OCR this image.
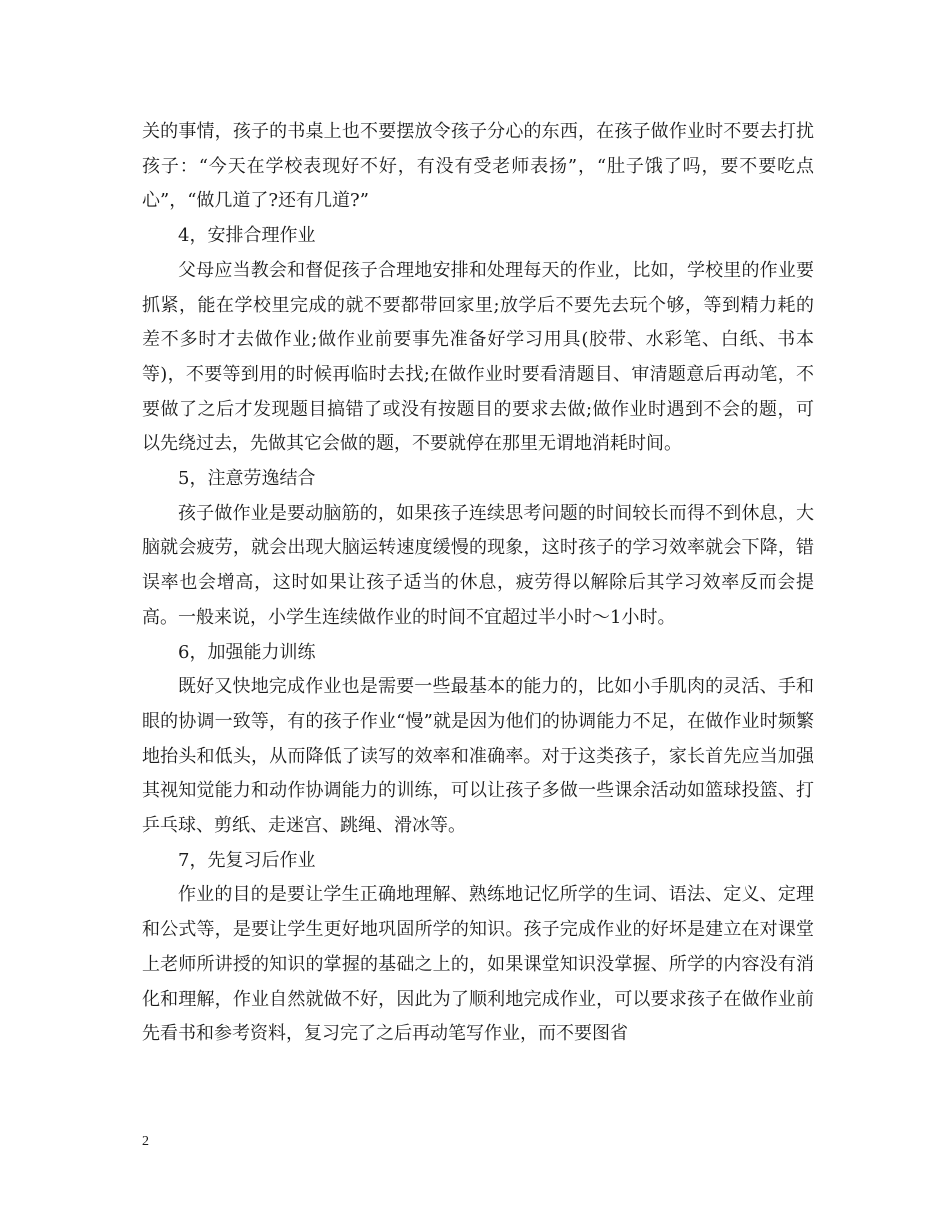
关的事情，孩子的书桌上也不要摆放令孩子分心的东西，在孩子做作业时不要去打扰孩子：“今天在学校表现好不好，有没有受老师表扬”，“肚子饿了吗，要不要吃点心”，“做几道了?还有几道?”

4，安排合理作业

父母应当教会和督促孩子合理地安排和处理每天的作业，比如，学校里的作业要抓紧，能在学校里完成的就不要都带回家里;放学后不要先去玩个够，等到精力耗的差不多时才去做作业;做作业前要事先准备好学习用具(胶带、水彩笔、白纸、书本等)，不要等到用的时候再临时去找;在做作业时要看清题目、审清题意后再动笔，不要做了之后才发现题目搞错了或没有按题目的要求去做;做作业时遇到不会的题，可以先绕过去，先做其它会做的题，不要就停在那里无谓地消耗时间。

5，注意劳逸结合

孩子做作业是要动脑筋的，如果孩子连续思考问题的时间较长而得不到休息，大脑就会疲劳，就会出现大脑运转速度缓慢的现象，这时孩子的学习效率就会下降，错误率也会增高，这时如果让孩子适当的休息，疲劳得以解除后其学习效率反而会提高。一般来说，小学生连续做作业的时间不宜超过半小时～1小时。

6，加强能力训练

既好又快地完成作业也是需要一些最基本的能力的，比如小手肌肉的灵活、手和眼的协调一致等，有的孩子作业“慢”就是因为他们的协调能力不足，在做作业时频繁地抬头和低头，从而降低了读写的效率和准确率。对于这类孩子，家长首先应当加强其视知觉能力和动作协调能力的训练，可以让孩子多做一些课余活动如篮球投篮、打乒乓球、剪纸、走迷宫、跳绳、滑冰等。

7，先复习后作业

作业的目的是要让学生正确地理解、熟练地记忆所学的生词、语法、定义、定理和公式等，是要让学生更好地巩固所学的知识。孩子完成作业的好坏是建立在对课堂上老师所讲授的知识的掌握的基础之上的，如果课堂知识没掌握、所学的内容没有消化和理解，作业自然就做不好，因此为了顺利地完成作业，可以要求孩子在做作业前先看书和参考资料，复习完了之后再动笔写作业，而不要图省

2
